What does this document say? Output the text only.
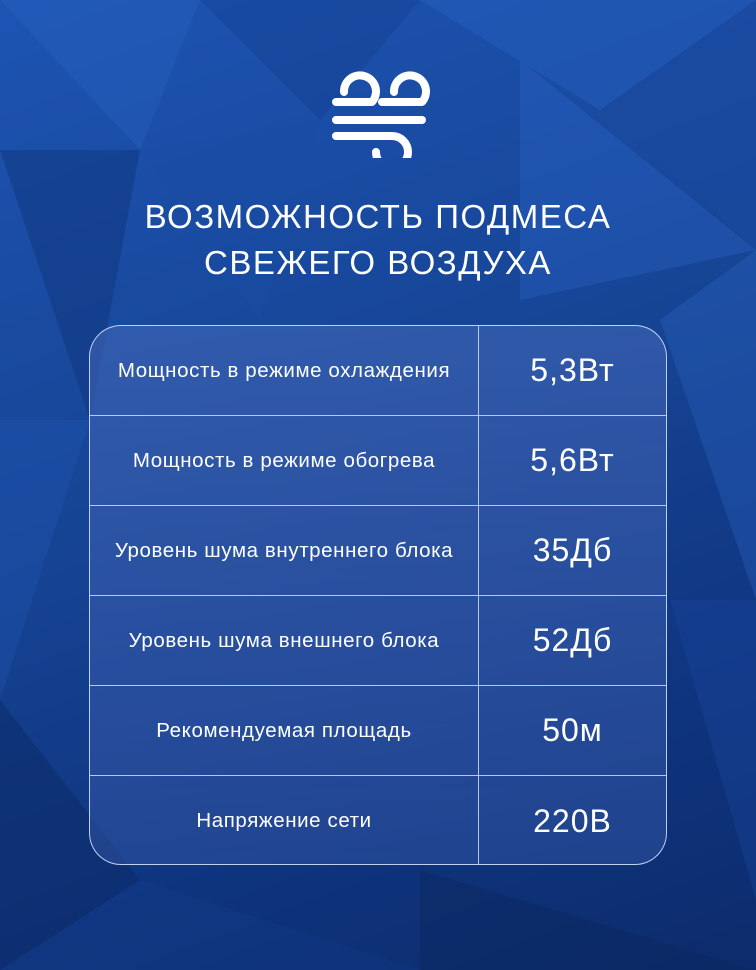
ВОЗМОЖНОСТЬ ПОДМЕСА
СВЕЖЕГО ВОЗДУХА
Мощность в режиме охлаждения	5,3Вт
Мощность в режиме обогрева	5,6Вт
Уровень шума внутреннего блока	35Дб
Уровень шума внешнего блока	52Дб
Рекомендуемая площадь	50м
Напряжение сети	220В
